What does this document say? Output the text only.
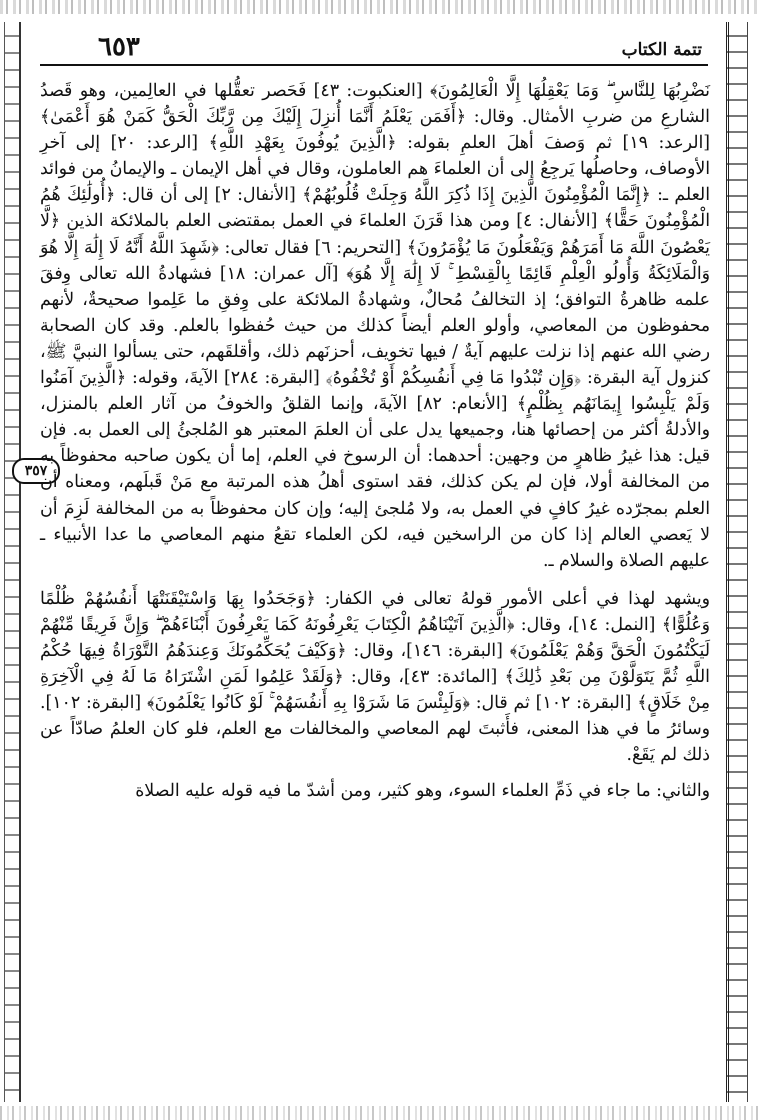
تتمة الكتاب
٦٥٣
٣٥٧

نَضْرِبُهَا لِلنَّاسِ ۖ وَمَا يَعْقِلُهَا إِلَّا الْعَالِمُونَ﴾ [العنكبوت: ٤٣] فَحَصر تعقُّلها في العالِمين، وهو قَصدُ الشارعِ من ضربِ الأمثال. وقال: ﴿أَفَمَن يَعْلَمُ أَنَّمَا أُنزِلَ إِلَيْكَ مِن رَّبِّكَ الْحَقُّ كَمَنْ هُوَ أَعْمَىٰ﴾ [الرعد: ١٩] ثم وَصفَ أهلَ العلمِ بقوله: ﴿الَّذِينَ يُوفُونَ بِعَهْدِ اللَّهِ﴾ [الرعد: ٢٠] إلى آخرِ الأوصاف، وحاصلُها يَرجِعُ إلى أن العلماءَ هم العاملون، وقال في أهل الإيمان ـ والإيمانُ من فوائد العلم ـ: ﴿إِنَّمَا الْمُؤْمِنُونَ الَّذِينَ إِذَا ذُكِرَ اللَّهُ وَجِلَتْ قُلُوبُهُمْ﴾ [الأنفال: ٢] إلى أن قال: ﴿أُولَٰئِكَ هُمُ الْمُؤْمِنُونَ حَقًّا﴾ [الأنفال: ٤] ومن هذا قَرَنَ العلماءَ في العمل بمقتضى العلم بالملائكة الذين ﴿لَّا يَعْصُونَ اللَّهَ مَا أَمَرَهُمْ وَيَفْعَلُونَ مَا يُؤْمَرُونَ﴾ [التحريم: ٦] فقال تعالى: ﴿شَهِدَ اللَّهُ أَنَّهُ لَا إِلَٰهَ إِلَّا هُوَ وَالْمَلَائِكَةُ وَأُولُو الْعِلْمِ قَائِمًا بِالْقِسْطِ ۚ لَا إِلَٰهَ إِلَّا هُوَ﴾ [آل عمران: ١٨] فشهادةُ الله تعالى وِفقَ علمه ظاهرةُ التوافق؛ إذ التخالفُ مُحالٌ، وشهادةُ الملائكة على وِفقِ ما عَلِموا صحيحةٌ، لأنهم محفوظون من المعاصي، وأولو العلم أيضاً كذلك من حيث حُفظوا بالعلم. وقد كان الصحابة رضي الله عنهم إذا نزلت عليهم آيةٌ / فيها تخويف، أحزنَهم ذلك، وأقلقَهم، حتى يسألوا النبيَّ ﷺ، كنزول آية البقرة: ﴿وَإِن تُبْدُوا مَا فِي أَنفُسِكُمْ أَوْ تُخْفُوهُ﴾ [البقرة: ٢٨٤] الآيةَ، وقوله: ﴿الَّذِينَ آمَنُوا وَلَمْ يَلْبِسُوا إِيمَانَهُم بِظُلْمٍ﴾ [الأنعام: ٨٢] الآيةَ، وإنما القلقُ والخوفُ من آثار العلم بالمنزل، والأدلةُ أكثر من إحصائها هنا، وجميعها يدل على أن العلمَ المعتبر هو المُلجئُ إلى العمل به. فإن قيل: هذا غيرُ ظاهرٍ من وجهين: أحدهما: أن الرسوخ في العلم، إما أن يكون صاحبه محفوظاً به من المخالفة أولا، فإن لم يكن كذلك، فقد استوى أهلُ هذه المرتبة مع مَنْ قَبلَهم، ومعناه أن العلم بمجرّده غيرُ كافٍ في العمل به، ولا مُلجئ إليه؛ وإن كان محفوظاً به من المخالفة لَزِمَ أن لا يَعصي العالم إذا كان من الراسخين فيه، لكن العلماء تقعُ منهم المعاصي ما عدا الأنبياء ـ عليهم الصلاة والسلام ـ.

ويشهد لهذا في أعلى الأمور قولهُ تعالى في الكفار: ﴿وَجَحَدُوا بِهَا وَاسْتَيْقَنَتْهَا أَنفُسُهُمْ ظُلْمًا وَعُلُوًّا﴾ [النمل: ١٤]، وقال: ﴿الَّذِينَ آتَيْنَاهُمُ الْكِتَابَ يَعْرِفُونَهُ كَمَا يَعْرِفُونَ أَبْنَاءَهُمْ ۖ وَإِنَّ فَرِيقًا مِّنْهُمْ لَيَكْتُمُونَ الْحَقَّ وَهُمْ يَعْلَمُونَ﴾ [البقرة: ١٤٦]، وقال: ﴿وَكَيْفَ يُحَكِّمُونَكَ وَعِندَهُمُ التَّوْرَاةُ فِيهَا حُكْمُ اللَّهِ ثُمَّ يَتَوَلَّوْنَ مِن بَعْدِ ذَٰلِكَ﴾ [المائدة: ٤٣]، وقال: ﴿وَلَقَدْ عَلِمُوا لَمَنِ اشْتَرَاهُ مَا لَهُ فِي الْآخِرَةِ مِنْ خَلَاقٍ﴾ [البقرة: ١٠٢] ثم قال: ﴿وَلَبِئْسَ مَا شَرَوْا بِهِ أَنفُسَهُمْ ۚ لَوْ كَانُوا يَعْلَمُونَ﴾ [البقرة: ١٠٢]. وسائرُ ما في هذا المعنى، فأَثبتَ لهم المعاصي والمخالفات مع العلم، فلو كان العلمُ صادّاً عن ذلك لم يَقَعْ.

والثاني: ما جاء في ذَمِّ العلماء السوء، وهو كثير، ومن أشدّ ما فيه قوله عليه الصلاة
